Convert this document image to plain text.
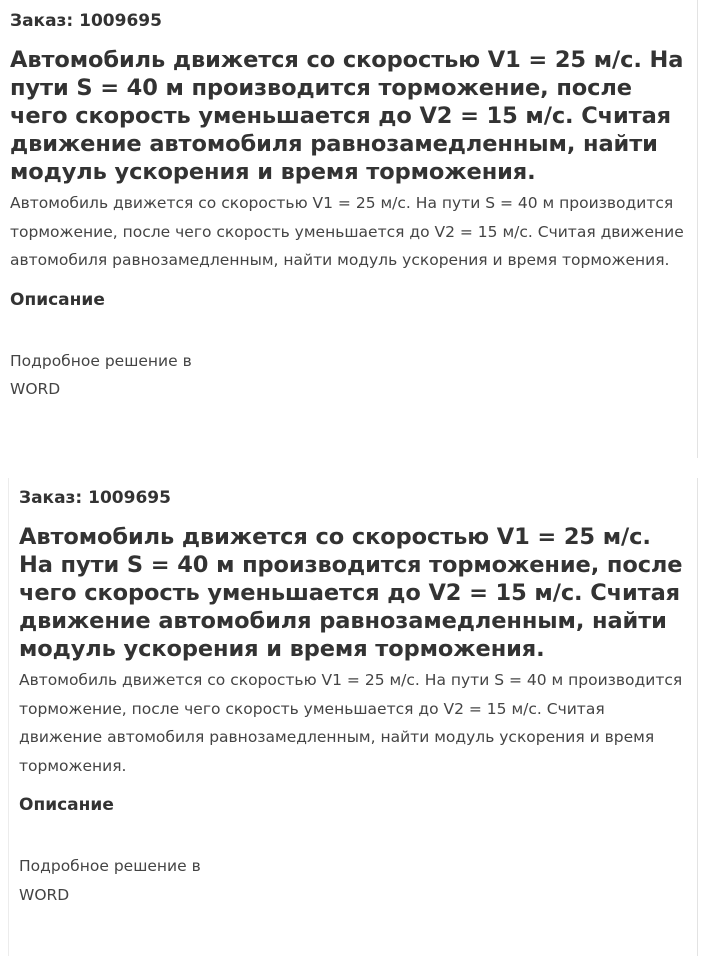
Заказ: 1009695
Автомобиль движется со скоростью V1 = 25 м/с. На пути S = 40 м производится торможение, после чего скорость уменьшается до V2 = 15 м/с. Считая движение автомобиля равнозамедленным, найти модуль ускорения и время торможения.

Автомобиль движется со скоростью V1 = 25 м/с. На пути S = 40 м производится торможение, после чего скорость уменьшается до V2 = 15 м/с. Считая движение автомобиля равнозамедленным, найти модуль ускорения и время торможения.

Описание

Подробное решение в WORD

Заказ: 1009695
Автомобиль движется со скоростью V1 = 25 м/с. На пути S = 40 м производится торможение, после чего скорость уменьшается до V2 = 15 м/с. Считая движение автомобиля равнозамедленным, найти модуль ускорения и время торможения.

Автомобиль движется со скоростью V1 = 25 м/с. На пути S = 40 м производится торможение, после чего скорость уменьшается до V2 = 15 м/с. Считая движение автомобиля равнозамедленным, найти модуль ускорения и время торможения.

Описание

Подробное решение в WORD
